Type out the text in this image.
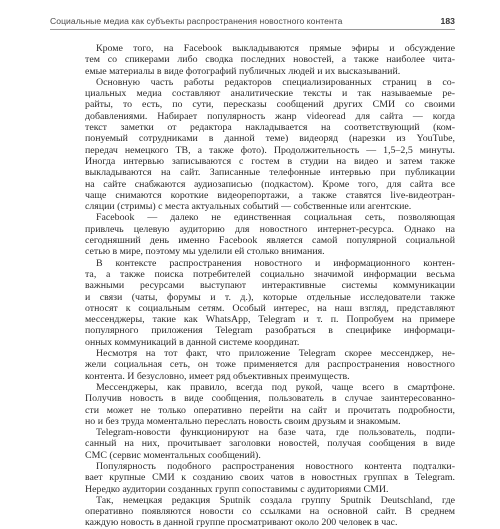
Социальные медиа как субъекты распространения новостного контента	183
Кроме того, на Facebook выкладываются прямые эфиры и обсуждение
тем со спикерами либо сводка последних новостей, а также наиболее чита-
емые материалы в виде фотографий публичных людей и их высказываний.
Основную часть работы редакторов специализированных страниц в со-
циальных медиа составляют аналитические тексты и так называемые ре-
райты, то есть, по сути, пересказы сообщений других СМИ со своими
добавлениями. Набирает популярность жанр videoread для сайта — когда
текст заметки от редактора накладывается на соответствующий (ком-
понуемый сотрудниками в данной теме) видеоряд (нарезки из YouTube,
передач немецкого ТВ, а также фото). Продолжительность — 1,5–2,5 минуты.
Иногда интервью записываются с гостем в студии на видео и затем также
выкладываются на сайт. Записанные телефонные интервью при публикации
на сайте снабжаются аудиозаписью (подкастом). Кроме того, для сайта все
чаще снимаются короткие видеорепортажи, а также ставятся live-видеотран-
сляции (стримы) с места актуальных событий — собственные или агентские.
Facebook — далеко не единственная социальная сеть, позволяющая
привлечь целевую аудиторию для новостного интернет-ресурса. Однако на
сегодняшний день именно Facebook является самой популярной социальной
сетью в мире, поэтому мы уделили ей столько внимания.
В контексте распространения новостного и информационного контен-
та, а также поиска потребителей социально значимой информации весьма
важными ресурсами выступают интерактивные системы коммуникации
и связи (чаты, форумы и т. д.), которые отдельные исследователи также
относят к социальным сетям. Особый интерес, на наш взгляд, представляют
мессенджеры, такие как WhatsApp, Telegram и т. п. Попробуем на примере
популярного приложения Telegram разобраться в специфике информаци-
онных коммуникаций в данной системе координат.
Несмотря на тот факт, что приложение Telegram скорее мессенджер, не-
жели социальная сеть, он тоже применяется для распространения новостного
контента. И безусловно, имеет ряд объективных преимуществ.
Мессенджеры, как правило, всегда под рукой, чаще всего в смартфоне.
Получив новость в виде сообщения, пользователь в случае заинтересованно-
сти может не только оперативно перейти на сайт и прочитать подробности,
но и без труда моментально переслать новость своим друзьям и знакомым.
Telegram-новости функционируют на базе чата, где пользователь, подпи-
санный на них, прочитывает заголовки новостей, получая сообщения в виде
СМС (сервис моментальных сообщений).
Популярность подобного распространения новостного контента подталки-
вает крупные СМИ к созданию своих чатов в новостных группах в Telegram.
Нередко аудитории созданных групп сопоставимы с аудиториями СМИ.
Так, немецкая редакция Sputnik создала группу Sputnik Deutschland, где
оперативно появляются новости со ссылками на основной сайт. В среднем
каждую новость в данной группе просматривают около 200 человек в час.
